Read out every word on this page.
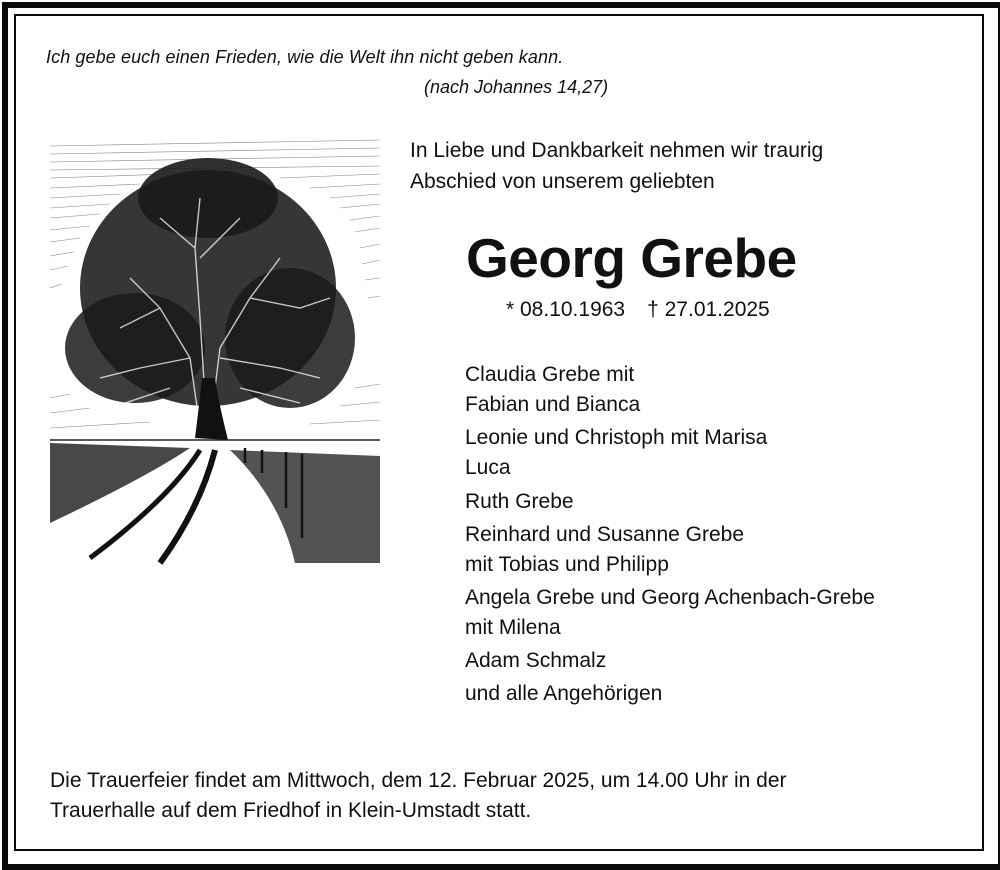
Ich gebe euch einen Frieden, wie die Welt ihn nicht geben kann.
(nach Johannes 14,27)
In Liebe und Dankbarkeit nehmen wir traurig
Abschied von unserem geliebten
Georg Grebe
* 08.10.1963 † 27.01.2025
Claudia Grebe mit
Fabian und Bianca
Leonie und Christoph mit Marisa
Luca
Ruth Grebe
Reinhard und Susanne Grebe
mit Tobias und Philipp
Angela Grebe und Georg Achenbach-Grebe
mit Milena
Adam Schmalz
und alle Angehörigen
Die Trauerfeier findet am Mittwoch, dem 12. Februar 2025, um 14.00 Uhr in der
Trauerhalle auf dem Friedhof in Klein-Umstadt statt.
